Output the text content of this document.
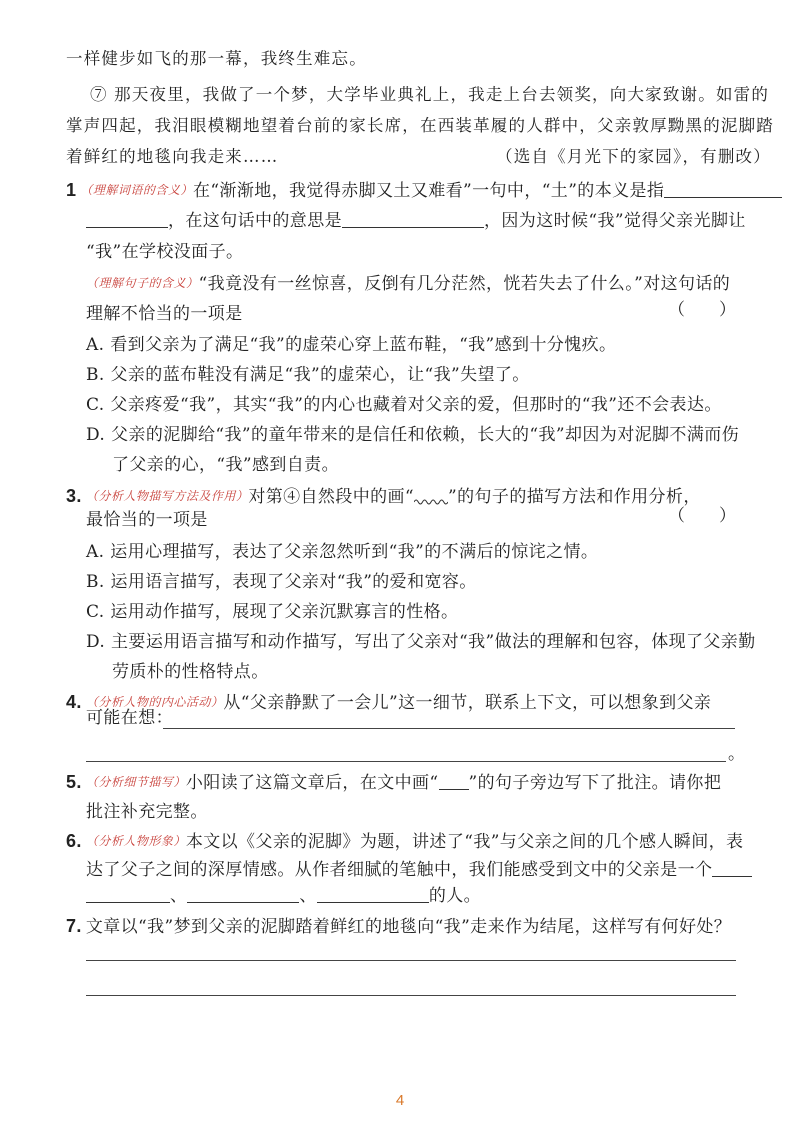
一样健步如飞的那一幕，我终生难忘。
⑦ 那天夜里，我做了一个梦，大学毕业典礼上，我走上台去领奖，向大家致谢。如雷的
掌声四起，我泪眼模糊地望着台前的家长席，在西装革履的人群中，父亲敦厚黝黑的泥脚踏
着鲜红的地毯向我走来……	（选自《月光下的家园》，有删改）
1 （理解词语的含义）在“渐渐地，我觉得赤脚又土又难看”一句中，“土”的本义是指
，在这句话中的意思是	，因为这时候“我”觉得父亲光脚让
“我”在学校没面子。
（理解句子的含义）“我竟没有一丝惊喜，反倒有几分茫然，恍若失去了什么。”对这句话的
理解不恰当的一项是	（　　）
A. 看到父亲为了满足“我”的虚荣心穿上蓝布鞋，“我”感到十分愧疚。
B. 父亲的蓝布鞋没有满足“我”的虚荣心，让“我”失望了。
C. 父亲疼爱“我”，其实“我”的内心也藏着对父亲的爱，但那时的“我”还不会表达。
D. 父亲的泥脚给“我”的童年带来的是信任和依赖，长大的“我”却因为对泥脚不满而伤
了父亲的心，“我”感到自责。
3. （分析人物描写方法及作用）对第④自然段中的画“ ”的句子的描写方法和作用分析，
最恰当的一项是	（　　）
A. 运用心理描写，表达了父亲忽然听到“我”的不满后的惊诧之情。
B. 运用语言描写，表现了父亲对“我”的爱和宽容。
C. 运用动作描写，展现了父亲沉默寡言的性格。
D. 主要运用语言描写和动作描写，写出了父亲对“我”做法的理解和包容，体现了父亲勤
劳质朴的性格特点。
4. （分析人物的内心活动）从“父亲静默了一会儿”这一细节，联系上下文，可以想象到父亲
可能在想：
。
5. （分析细节描写）小阳读了这篇文章后，在文中画“ ”的句子旁边写下了批注。请你把
批注补充完整。
6. （分析人物形象）本文以《父亲的泥脚》为题，讲述了“我”与父亲之间的几个感人瞬间，表
达了父子之间的深厚情感。从作者细腻的笔触中，我们能感受到文中的父亲是一个
、	、	的人。
7. 文章以“我”梦到父亲的泥脚踏着鲜红的地毯向“我”走来作为结尾，这样写有何好处？
4
